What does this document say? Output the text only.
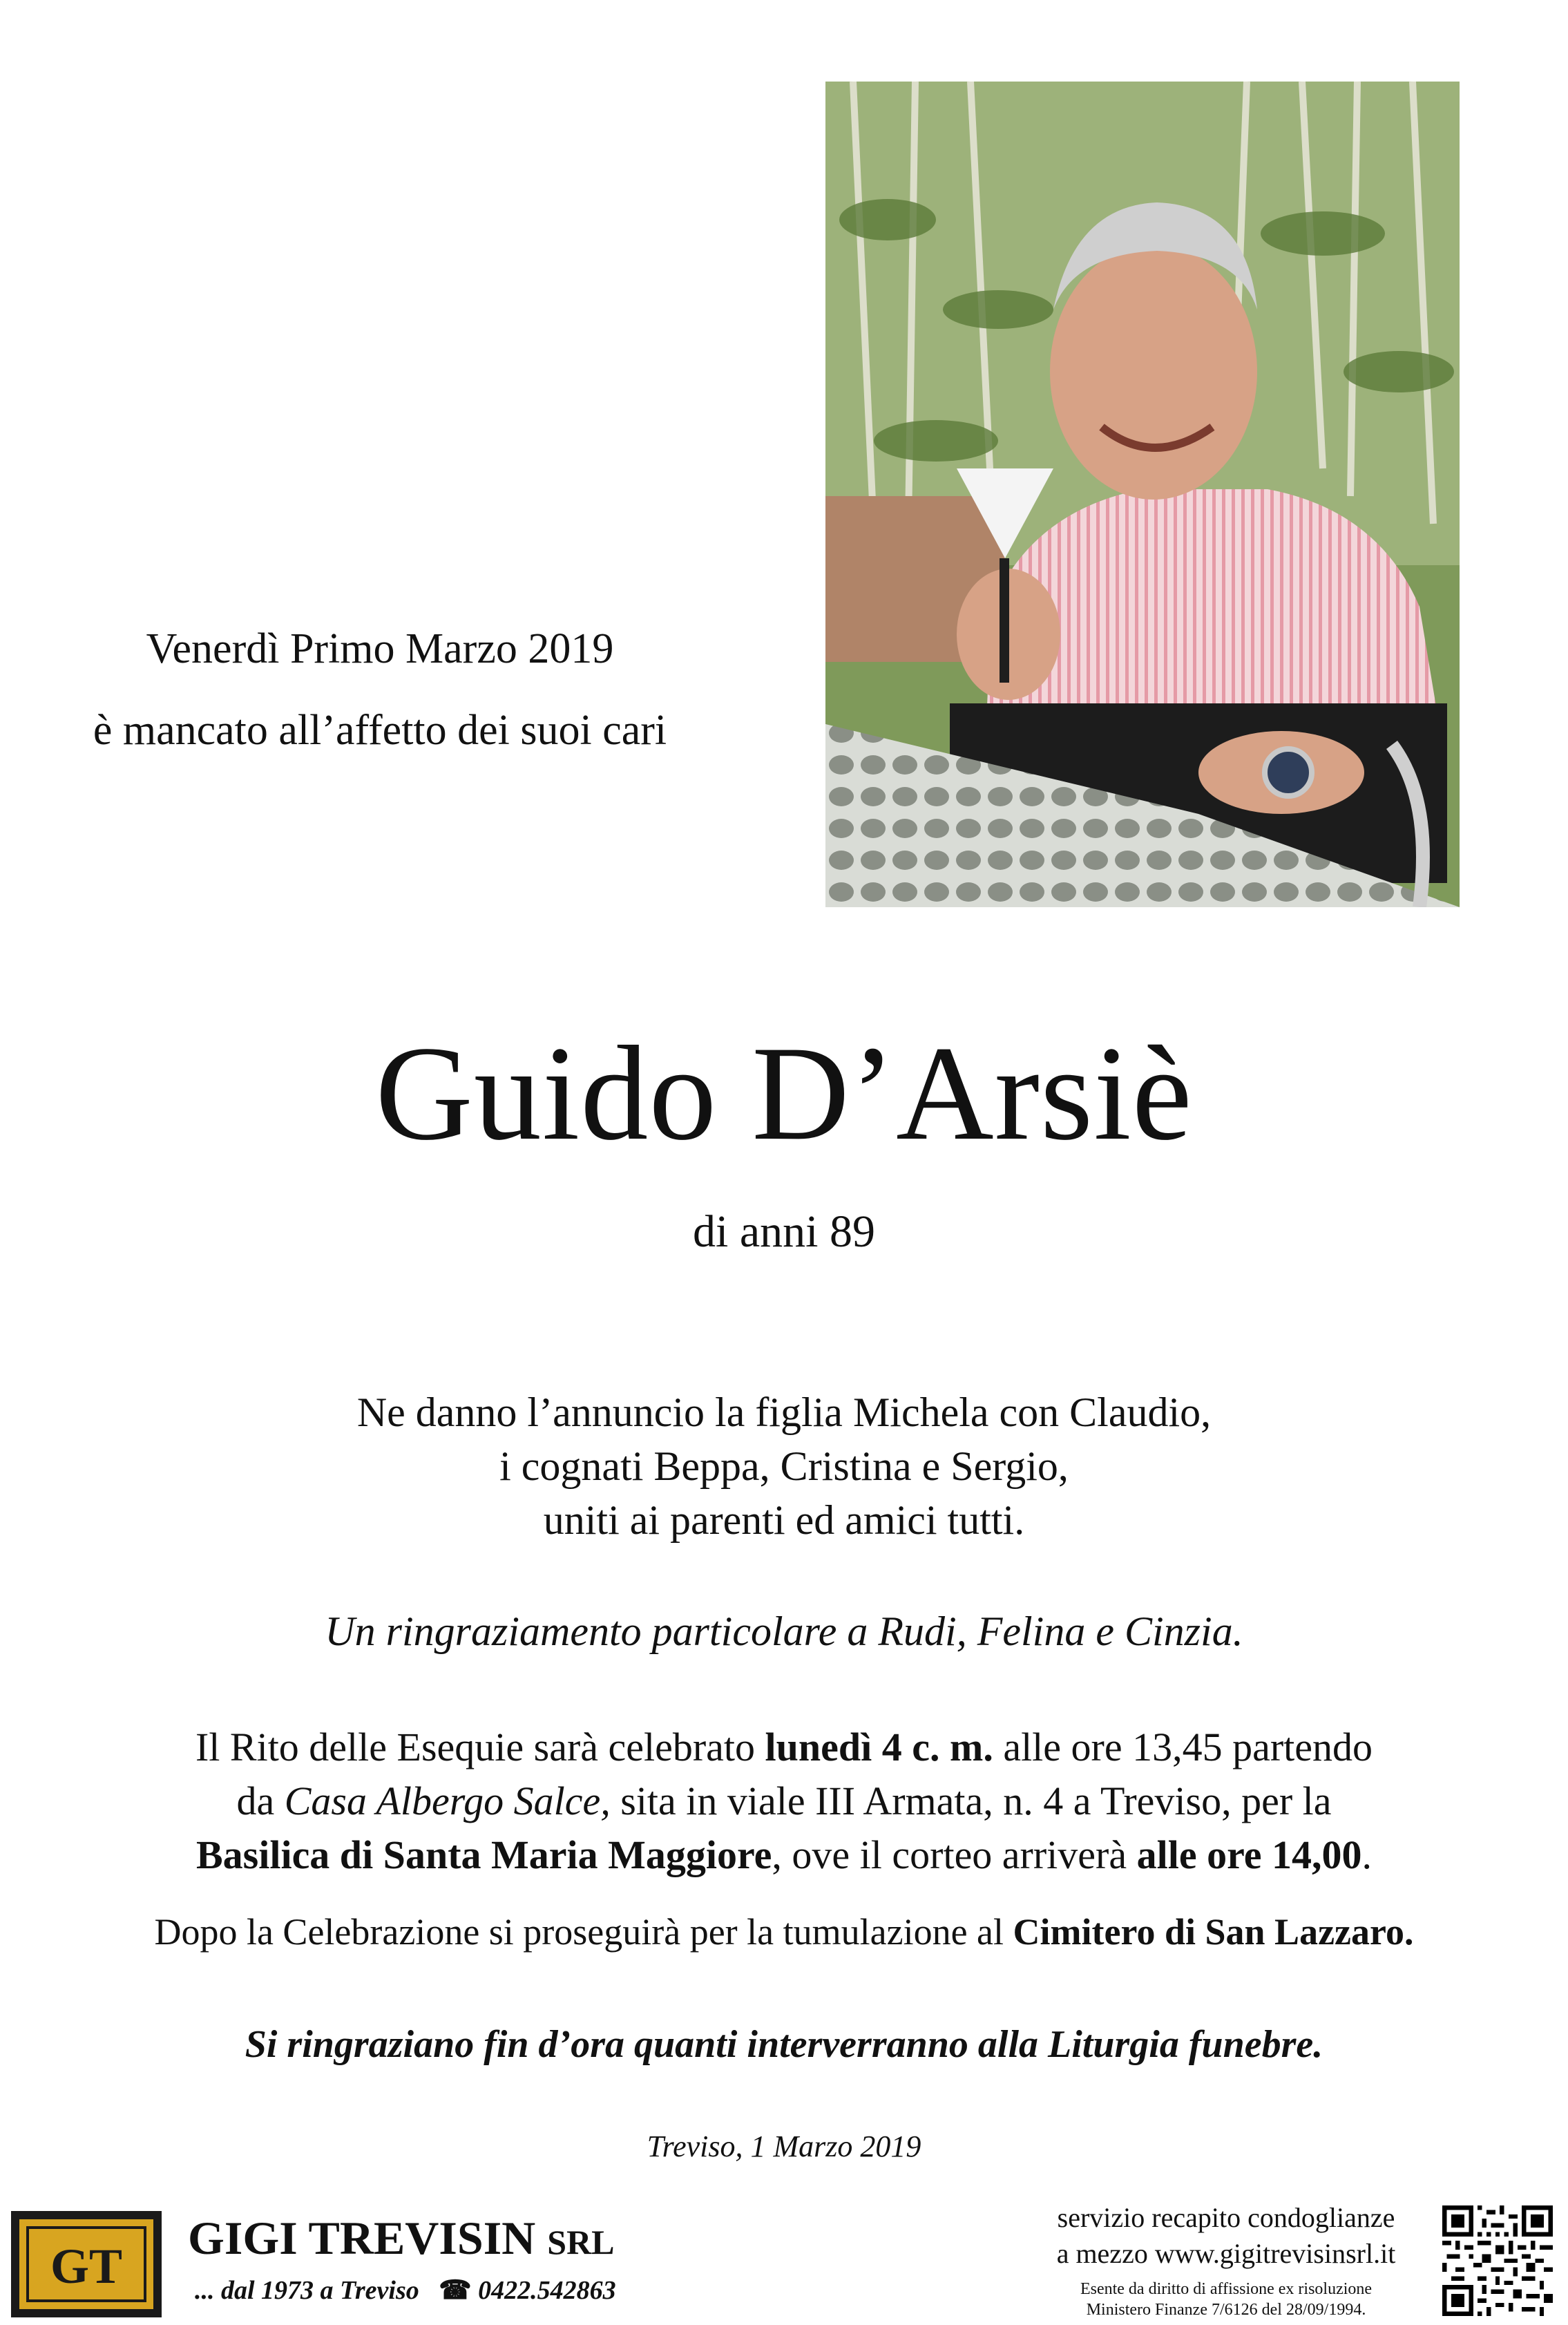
Venerdì Primo Marzo 2019
è mancato all’affetto dei suoi cari
Guido D’Arsiè
di anni 89
Ne danno l’annuncio la figlia Michela con Claudio,
i cognati Beppa, Cristina e Sergio,
uniti ai parenti ed amici tutti.
Un ringraziamento particolare a Rudi, Felina e Cinzia.
Il Rito delle Esequie sarà celebrato lunedì 4 c. m. alle ore 13,45 partendo
da Casa Albergo Salce, sita in viale III Armata, n. 4 a Treviso, per la
Basilica di Santa Maria Maggiore, ove il corteo arriverà alle ore 14,00.
Dopo la Celebrazione si proseguirà per la tumulazione al Cimitero di San Lazzaro.
Si ringraziano fin d’ora quanti interverranno alla Liturgia funebre.
Treviso, 1 Marzo 2019
GT
GIGI TREVISIN SRL
... dal 1973 a Treviso ☎ 0422.542863
servizio recapito condoglianze
a mezzo www.gigitrevisinsrl.it
Esente da diritto di affissione ex risoluzione
Ministero Finanze 7/6126 del 28/09/1994.
